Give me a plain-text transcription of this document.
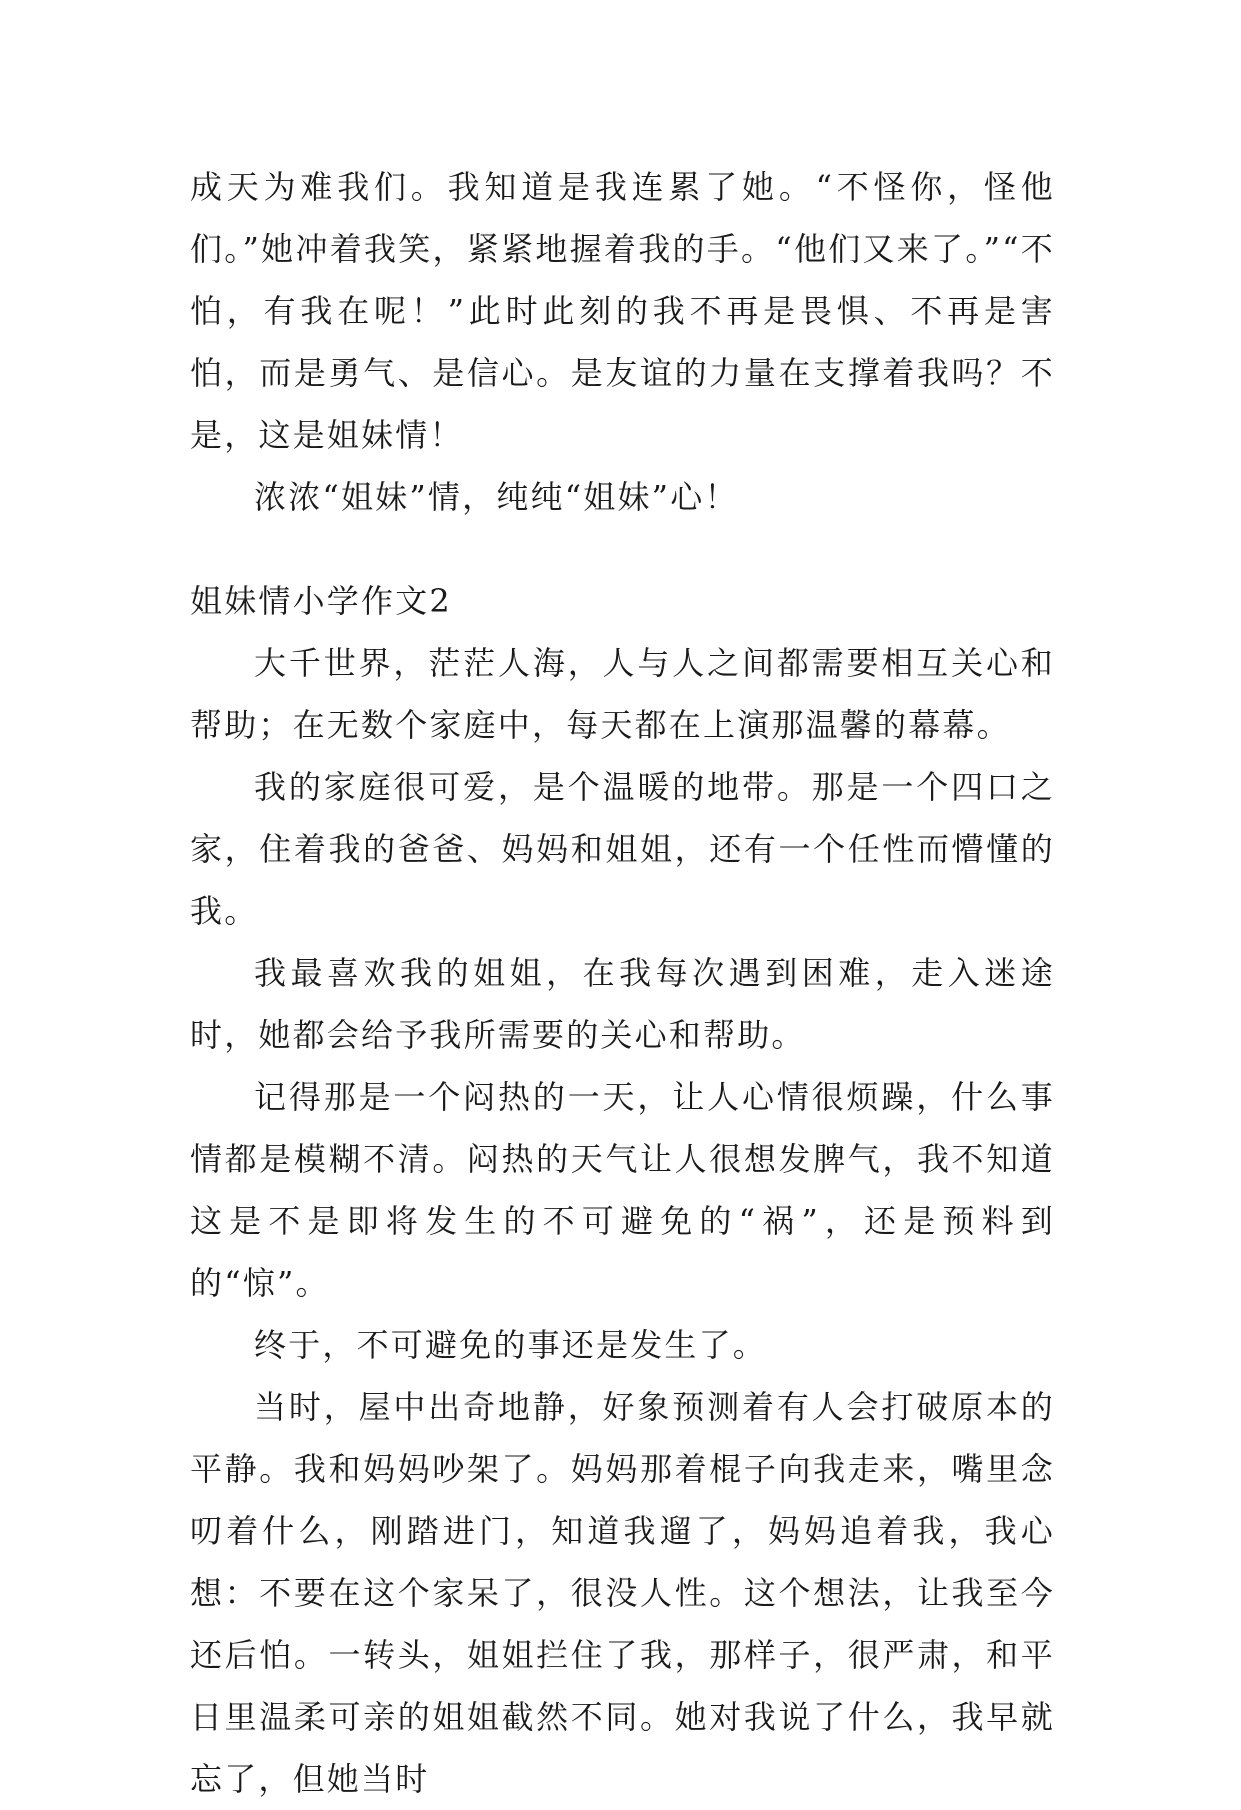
成天为难我们。我知道是我连累了她。“不怪你，怪他们。”她冲着我笑，紧紧地握着我的手。“他们又来了。”“不怕，有我在呢！”此时此刻的我不再是畏惧、不再是害怕，而是勇气、是信心。是友谊的力量在支撑着我吗？不是，这是姐妹情！

浓浓“姐妹”情，纯纯“姐妹”心！

姐妹情小学作文2

大千世界，茫茫人海，人与人之间都需要相互关心和帮助；在无数个家庭中，每天都在上演那温馨的幕幕。

我的家庭很可爱，是个温暖的地带。那是一个四口之家，住着我的爸爸、妈妈和姐姐，还有一个任性而懵懂的我。

我最喜欢我的姐姐，在我每次遇到困难，走入迷途时，她都会给予我所需要的关心和帮助。

记得那是一个闷热的一天，让人心情很烦躁，什么事情都是模糊不清。闷热的天气让人很想发脾气，我不知道这是不是即将发生的不可避免的“祸”，还是预料到的“惊”。

终于，不可避免的事还是发生了。

当时，屋中出奇地静，好象预测着有人会打破原本的平静。我和妈妈吵架了。妈妈那着棍子向我走来，嘴里念叨着什么，刚踏进门，知道我遛了，妈妈追着我，我心想：不要在这个家呆了，很没人性。这个想法，让我至今还后怕。一转头，姐姐拦住了我，那样子，很严肃，和平日里温柔可亲的姐姐截然不同。她对我说了什么，我早就忘了，但她当时
